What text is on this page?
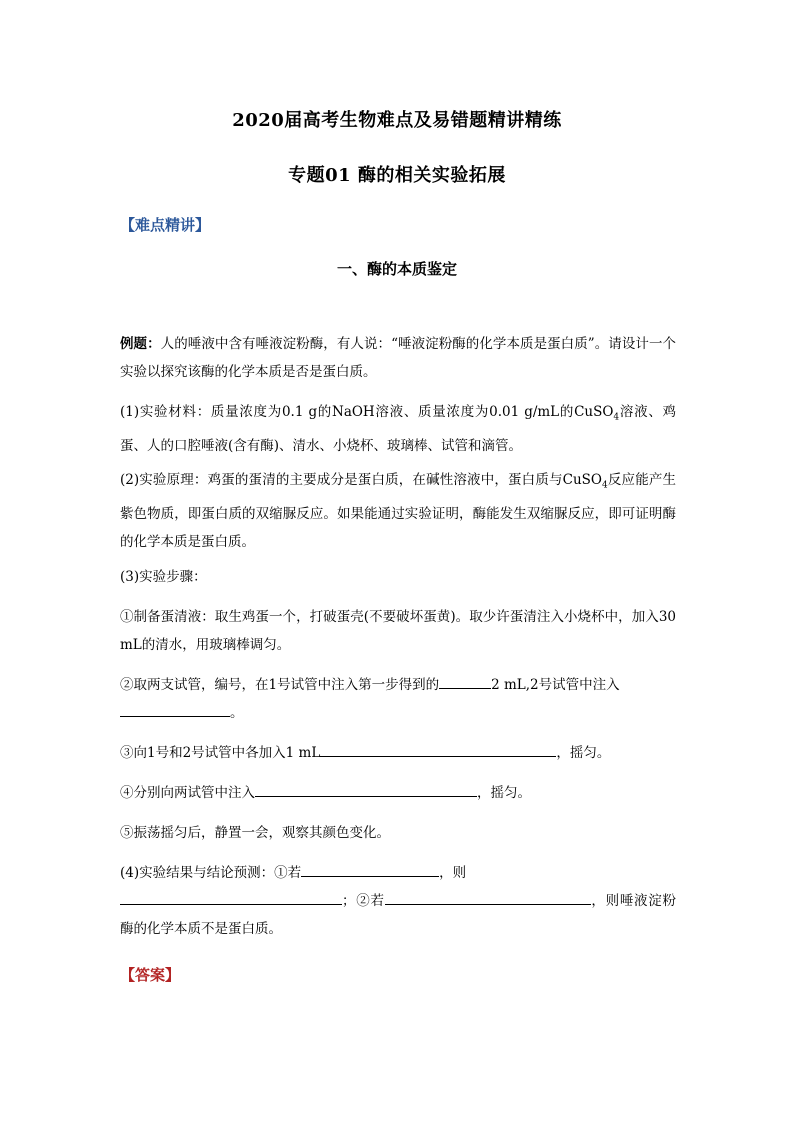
2020届高考生物难点及易错题精讲精练
专题01 酶的相关实验拓展
【难点精讲】
一、酶的本质鉴定
例题：人的唾液中含有唾液淀粉酶，有人说：“唾液淀粉酶的化学本质是蛋白质”。请设计一个实验以探究该酶的化学本质是否是蛋白质。
(1)实验材料：质量浓度为0.1 g的NaOH溶液、质量浓度为0.01 g/mL的CuSO$_4$溶液、鸡蛋、人的口腔唾液(含有酶)、清水、小烧杯、玻璃棒、试管和滴管。
(2)实验原理：鸡蛋的蛋清的主要成分是蛋白质，在碱性溶液中，蛋白质与CuSO$_4$反应能产生紫色物质，即蛋白质的双缩脲反应。如果能通过实验证明，酶能发生双缩脲反应，即可证明酶的化学本质是蛋白质。
(3)实验步骤：
①制备蛋清液：取生鸡蛋一个，打破蛋壳(不要破坏蛋黄)。取少许蛋清注入小烧杯中，加入30 mL的清水，用玻璃棒调匀。
②取两支试管，编号，在1号试管中注入第一步得到的	2 mL,2号试管中注入
。
③向1号和2号试管中各加入1 mL	，摇匀。
④分别向两试管中注入	，摇匀。
⑤振荡摇匀后，静置一会，观察其颜色变化。
(4)实验结果与结论预测：①若	，则
；②若	，则唾液淀粉酶的化学本质不是蛋白质。
【答案】
